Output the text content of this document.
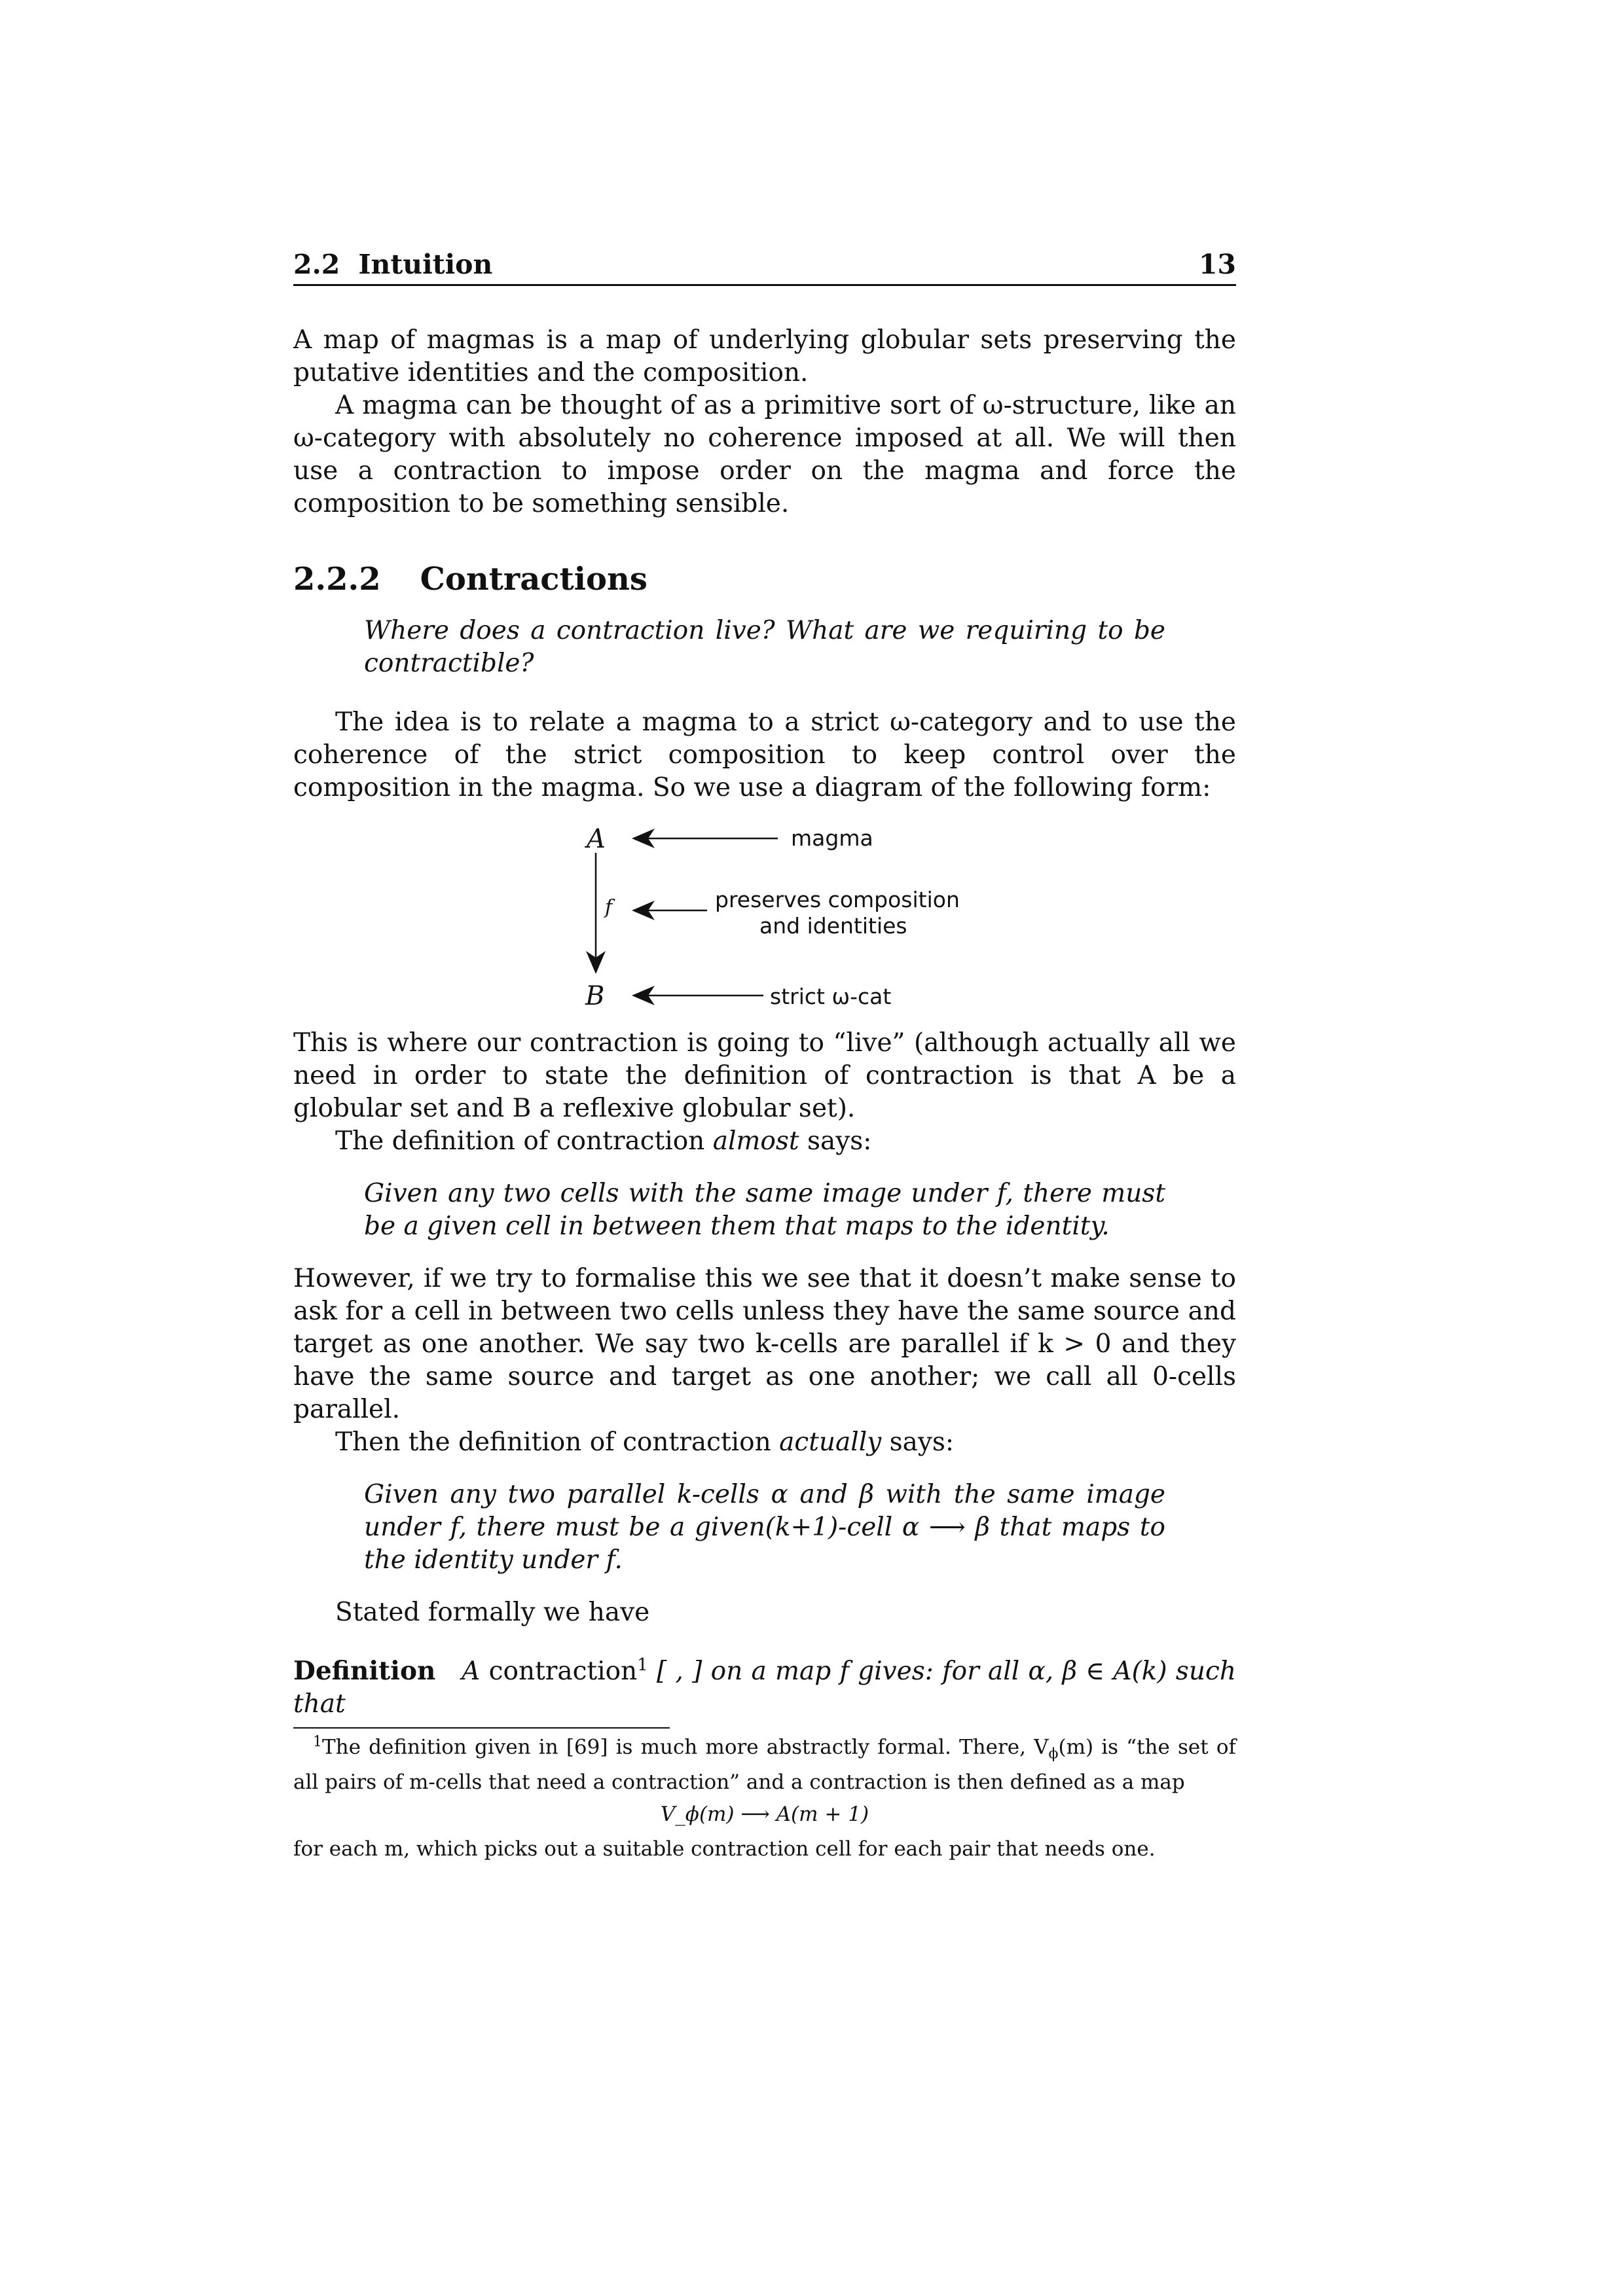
2.2 Intuition	13

A map of magmas is a map of underlying globular sets preserving the putative identities and the composition.

A magma can be thought of as a primitive sort of ω-structure, like an ω-category with absolutely no coherence imposed at all. We will then use a contraction to impose order on the magma and force the composition to be something sensible.

2.2.2 Contractions
Where does a contraction live? What are we requiring to be contractible?

The idea is to relate a magma to a strict ω-category and to use the coherence of the strict composition to keep control over the composition in the magma. So we use a diagram of the following form:

A
B
f
magma
preserves composition
and identities
strict ω-cat

This is where our contraction is going to “live” (although actually all we need in order to state the definition of contraction is that A be a globular set and B a reflexive globular set).

The definition of contraction almost says:

Given any two cells with the same image under f, there must be a given cell in between them that maps to the identity.

However, if we try to formalise this we see that it doesn’t make sense to ask for a cell in between two cells unless they have the same source and target as one another. We say two k-cells are parallel if k > 0 and they have the same source and target as one another; we call all 0-cells parallel.

Then the definition of contraction actually says:

Given any two parallel k-cells α and β with the same image under f, there must be a given(k+1)-cell α ⟶ β that maps to the identity under f.

Stated formally we have

Definition A contraction$^1$ [ , ] on a map f gives: for all α, β ∈ A(k) such that

$^1$The definition given in [69] is much more abstractly formal. There, $V_\phi(m)$ is “the set of all pairs of m-cells that need a contraction” and a contraction is then defined as a map

V_ϕ(m) ⟶ A(m + 1)

for each m, which picks out a suitable contraction cell for each pair that needs one.
